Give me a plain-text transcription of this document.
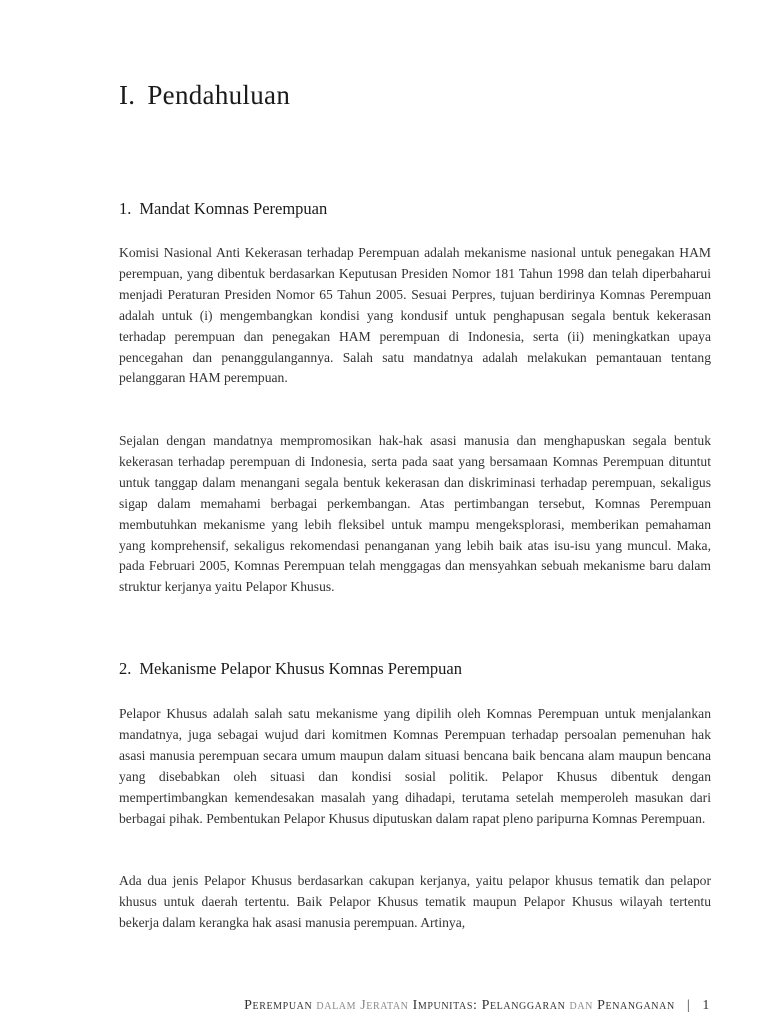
I. Pendahuluan
1. Mandat Komnas Perempuan

Komisi Nasional Anti Kekerasan terhadap Perempuan adalah mekanisme nasional untuk penegakan HAM perempuan, yang dibentuk berdasarkan Keputusan Presiden Nomor 181 Tahun 1998 dan telah diperbaharui menjadi Peraturan Presiden Nomor 65 Tahun 2005. Sesuai Perpres, tujuan berdirinya Komnas Perempuan adalah untuk (i) mengembangkan kondisi yang kondusif untuk penghapusan segala bentuk kekerasan terhadap perempuan dan penegakan HAM perempuan di Indonesia, serta (ii) meningkatkan upaya pencegahan dan penanggulangannya. Salah satu mandatnya adalah melakukan pemantauan tentang pelanggaran HAM perempuan.

Sejalan dengan mandatnya mempromosikan hak-hak asasi manusia dan menghapuskan segala bentuk kekerasan terhadap perempuan di Indonesia, serta pada saat yang bersamaan Komnas Perempuan dituntut untuk tanggap dalam menangani segala bentuk kekerasan dan diskriminasi terhadap perempuan, sekaligus sigap dalam memahami berbagai perkembangan. Atas pertimbangan tersebut, Komnas Perempuan membutuhkan mekanisme yang lebih fleksibel untuk mampu mengeksplorasi, memberikan pemahaman yang komprehensif, sekaligus rekomendasi penanganan yang lebih baik atas isu-isu yang muncul. Maka, pada Februari 2005, Komnas Perempuan telah menggagas dan mensyahkan sebuah mekanisme baru dalam struktur kerjanya yaitu Pelapor Khusus.

2. Mekanisme Pelapor Khusus Komnas Perempuan

Pelapor Khusus adalah salah satu mekanisme yang dipilih oleh Komnas Perempuan untuk menjalankan mandatnya, juga sebagai wujud dari komitmen Komnas Perempuan terhadap persoalan pemenuhan hak asasi manusia perempuan secara umum maupun dalam situasi bencana baik bencana alam maupun bencana yang disebabkan oleh situasi dan kondisi sosial politik. Pelapor Khusus dibentuk dengan mempertimbangkan kemendesakan masalah yang dihadapi, terutama setelah memperoleh masukan dari berbagai pihak. Pembentukan Pelapor Khusus diputuskan dalam rapat pleno paripurna Komnas Perempuan.

Ada dua jenis Pelapor Khusus berdasarkan cakupan kerjanya, yaitu pelapor khusus tematik dan pelapor khusus untuk daerah tertentu. Baik Pelapor Khusus tematik maupun Pelapor Khusus wilayah tertentu bekerja dalam kerangka hak asasi manusia perempuan. Artinya,

Perempuan dalam Jeratan Impunitas: Pelanggaran dan Penanganan | 1
